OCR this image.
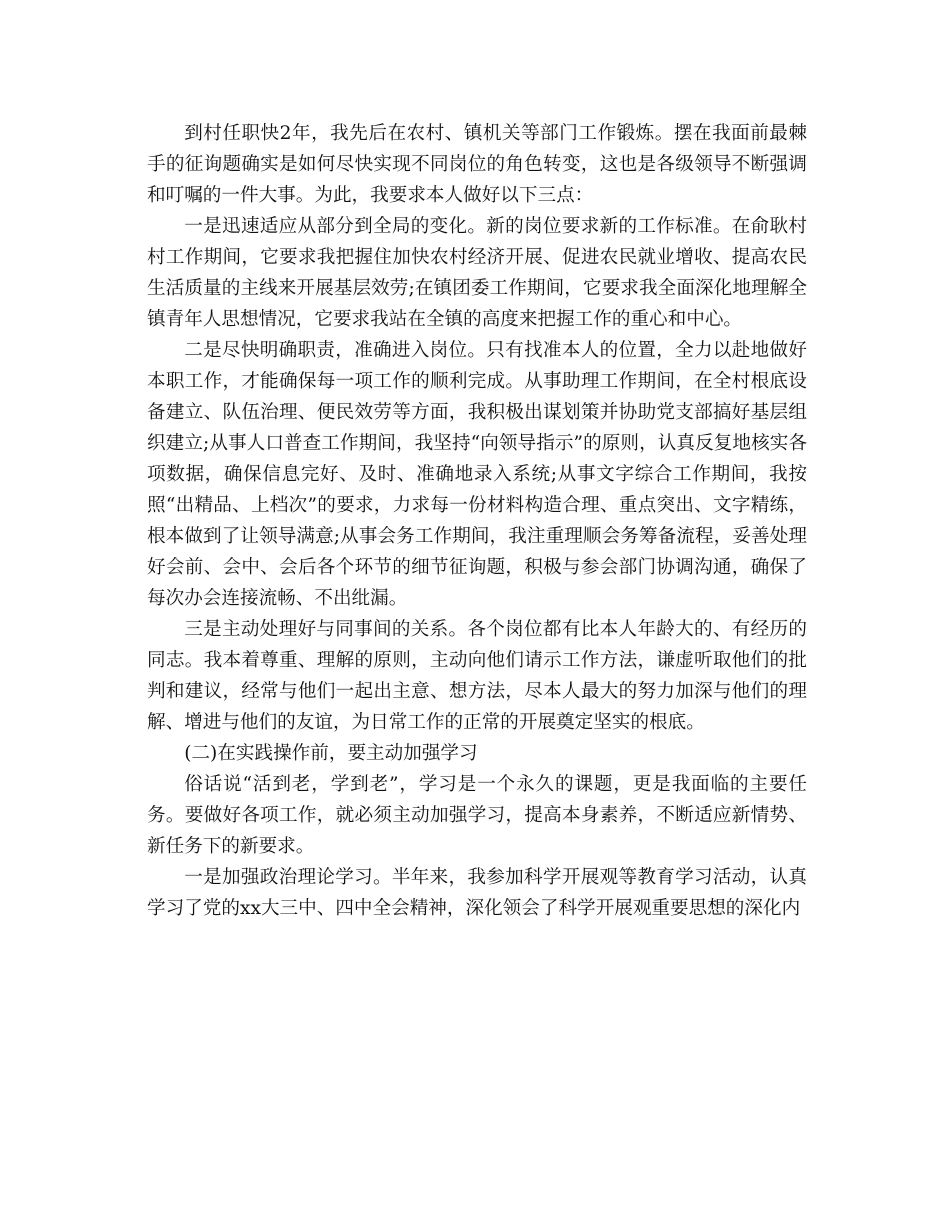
到村任职快2年，我先后在农村、镇机关等部门工作锻炼。摆在我面前最棘手的征询题确实是如何尽快实现不同岗位的角色转变，这也是各级领导不断强调和叮嘱的一件大事。为此，我要求本人做好以下三点：

一是迅速适应从部分到全局的变化。新的岗位要求新的工作标准。在俞耿村村工作期间，它要求我把握住加快农村经济开展、促进农民就业增收、提高农民生活质量的主线来开展基层效劳;在镇团委工作期间，它要求我全面深化地理解全镇青年人思想情况，它要求我站在全镇的高度来把握工作的重心和中心。

二是尽快明确职责，准确进入岗位。只有找准本人的位置，全力以赴地做好本职工作，才能确保每一项工作的顺利完成。从事助理工作期间，在全村根底设备建立、队伍治理、便民效劳等方面，我积极出谋划策并协助党支部搞好基层组织建立;从事人口普查工作期间，我坚持“向领导指示”的原则，认真反复地核实各项数据，确保信息完好、及时、准确地录入系统;从事文字综合工作期间，我按照“出精品、上档次”的要求，力求每一份材料构造合理、重点突出、文字精练，根本做到了让领导满意;从事会务工作期间，我注重理顺会务筹备流程，妥善处理好会前、会中、会后各个环节的细节征询题，积极与参会部门协调沟通，确保了每次办会连接流畅、不出纰漏。

三是主动处理好与同事间的关系。各个岗位都有比本人年龄大的、有经历的同志。我本着尊重、理解的原则，主动向他们请示工作方法，谦虚听取他们的批判和建议，经常与他们一起出主意、想方法，尽本人最大的努力加深与他们的理解、增进与他们的友谊，为日常工作的正常的开展奠定坚实的根底。

(二)在实践操作前，要主动加强学习

俗话说“活到老，学到老”，学习是一个永久的课题，更是我面临的主要任务。要做好各项工作，就必须主动加强学习，提高本身素养，不断适应新情势、新任务下的新要求。

一是加强政治理论学习。半年来，我参加科学开展观等教育学习活动，认真学习了党的xx大三中、四中全会精神，深化领会了科学开展观重要思想的深化内
